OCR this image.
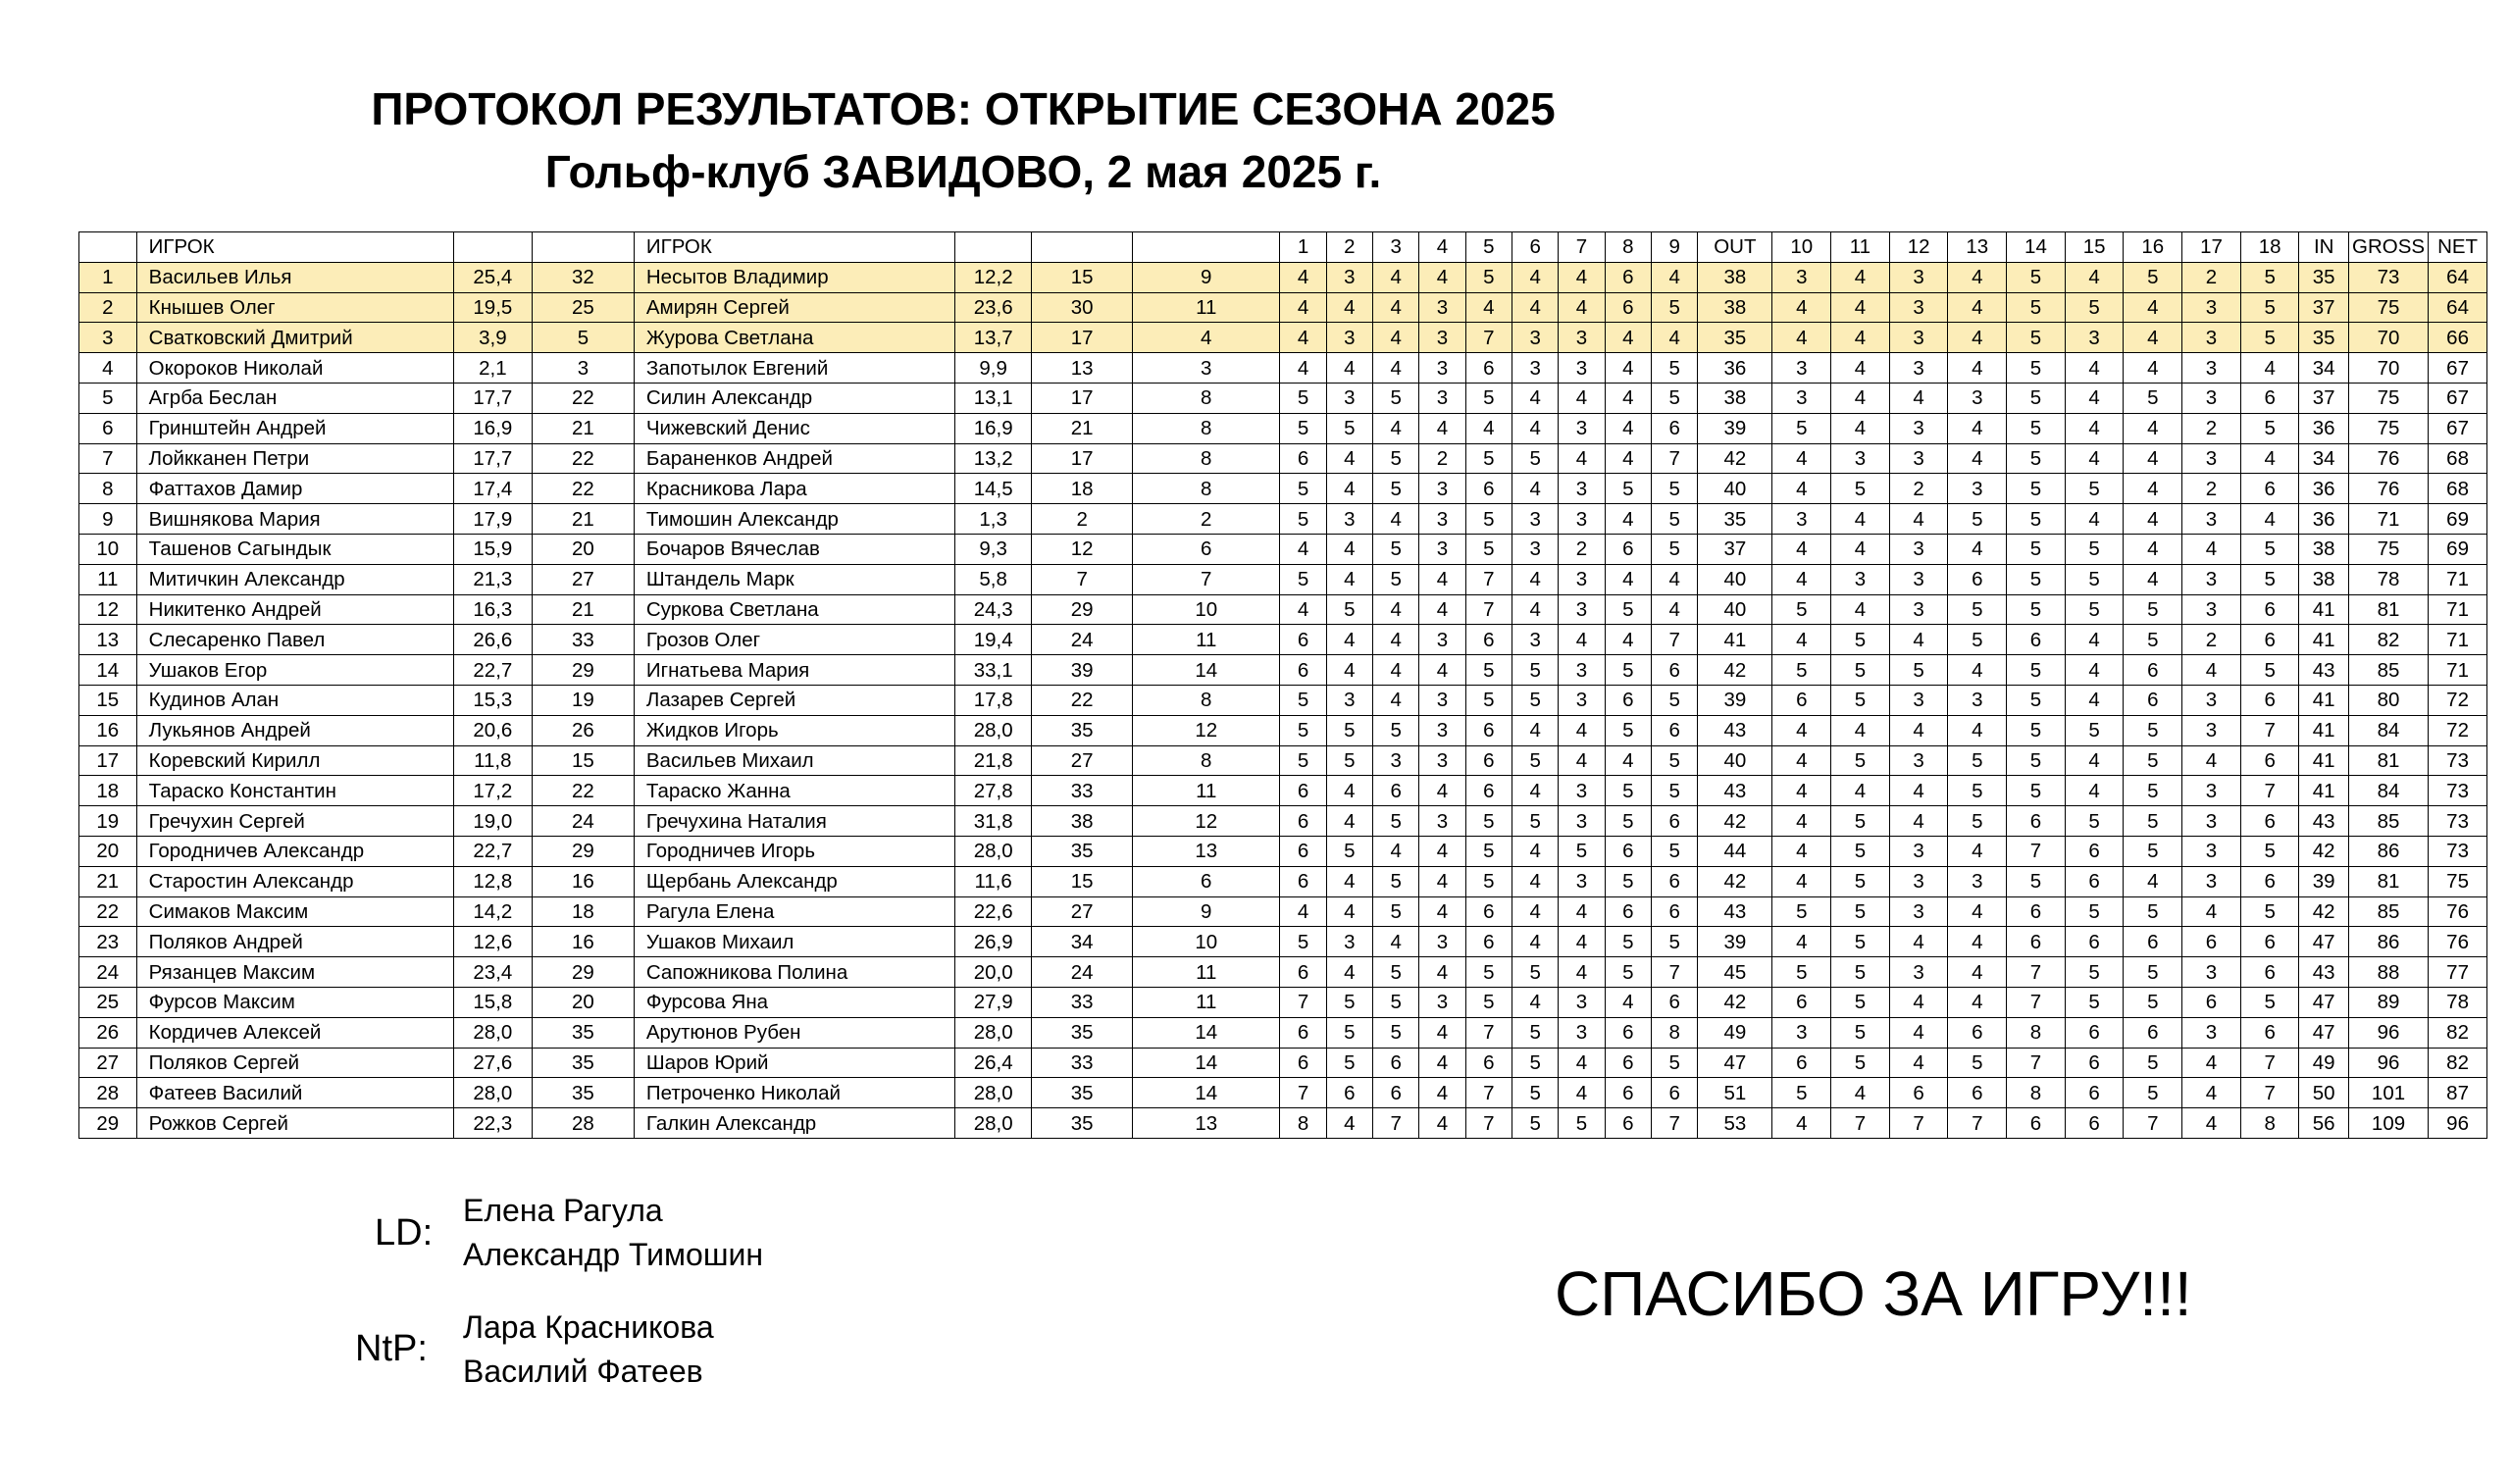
ПРОТОКОЛ РЕЗУЛЬТАТОВ: ОТКРЫТИЕ СЕЗОНА 2025
Гольф-клуб ЗАВИДОВО, 2 мая 2025 г.
	ИГРОК			ИГРОК				1	2	3	4	5	6	7	8	9	OUT	10	11	12	13	14	15	16	17	18	IN	GROSS	NET
1	Васильев Илья	25,4	32	Несытов Владимир	12,2	15	9	4	3	4	4	5	4	4	6	4	38	3	4	3	4	5	4	5	2	5	35	73	64
2	Кнышев Олег	19,5	25	Амирян Сергей	23,6	30	11	4	4	4	3	4	4	4	6	5	38	4	4	3	4	5	5	4	3	5	37	75	64
3	Сватковский Дмитрий	3,9	5	Журова Светлана	13,7	17	4	4	3	4	3	7	3	3	4	4	35	4	4	3	4	5	3	4	3	5	35	70	66
4	Окороков Николай	2,1	3	Запотылок Евгений	9,9	13	3	4	4	4	3	6	3	3	4	5	36	3	4	3	4	5	4	4	3	4	34	70	67
5	Агрба Беслан	17,7	22	Силин Александр	13,1	17	8	5	3	5	3	5	4	4	4	5	38	3	4	4	3	5	4	5	3	6	37	75	67
6	Гринштейн Андрей	16,9	21	Чижевский Денис	16,9	21	8	5	5	4	4	4	4	3	4	6	39	5	4	3	4	5	4	4	2	5	36	75	67
7	Лойкканен Петри	17,7	22	Бараненков Андрей	13,2	17	8	6	4	5	2	5	5	4	4	7	42	4	3	3	4	5	4	4	3	4	34	76	68
8	Фаттахов Дамир	17,4	22	Красникова Лара	14,5	18	8	5	4	5	3	6	4	3	5	5	40	4	5	2	3	5	5	4	2	6	36	76	68
9	Вишнякова Мария	17,9	21	Тимошин Александр	1,3	2	2	5	3	4	3	5	3	3	4	5	35	3	4	4	5	5	4	4	3	4	36	71	69
10	Ташенов Сагындык	15,9	20	Бочаров Вячеслав	9,3	12	6	4	4	5	3	5	3	2	6	5	37	4	4	3	4	5	5	4	4	5	38	75	69
11	Митичкин Александр	21,3	27	Штандель Марк	5,8	7	7	5	4	5	4	7	4	3	4	4	40	4	3	3	6	5	5	4	3	5	38	78	71
12	Никитенко Андрей	16,3	21	Суркова Светлана	24,3	29	10	4	5	4	4	7	4	3	5	4	40	5	4	3	5	5	5	5	3	6	41	81	71
13	Слесаренко Павел	26,6	33	Грозов Олег	19,4	24	11	6	4	4	3	6	3	4	4	7	41	4	5	4	5	6	4	5	2	6	41	82	71
14	Ушаков Егор	22,7	29	Игнатьева Мария	33,1	39	14	6	4	4	4	5	5	3	5	6	42	5	5	5	4	5	4	6	4	5	43	85	71
15	Кудинов Алан	15,3	19	Лазарев Сергей	17,8	22	8	5	3	4	3	5	5	3	6	5	39	6	5	3	3	5	4	6	3	6	41	80	72
16	Лукьянов Андрей	20,6	26	Жидков Игорь	28,0	35	12	5	5	5	3	6	4	4	5	6	43	4	4	4	4	5	5	5	3	7	41	84	72
17	Коревский Кирилл	11,8	15	Васильев Михаил	21,8	27	8	5	5	3	3	6	5	4	4	5	40	4	5	3	5	5	4	5	4	6	41	81	73
18	Тараско Константин	17,2	22	Тараско Жанна	27,8	33	11	6	4	6	4	6	4	3	5	5	43	4	4	4	5	5	4	5	3	7	41	84	73
19	Гречухин Сергей	19,0	24	Гречухина Наталия	31,8	38	12	6	4	5	3	5	5	3	5	6	42	4	5	4	5	6	5	5	3	6	43	85	73
20	Городничев Александр	22,7	29	Городничев Игорь	28,0	35	13	6	5	4	4	5	4	5	6	5	44	4	5	3	4	7	6	5	3	5	42	86	73
21	Старостин Александр	12,8	16	Щербань Александр	11,6	15	6	6	4	5	4	5	4	3	5	6	42	4	5	3	3	5	6	4	3	6	39	81	75
22	Симаков Максим	14,2	18	Рагула Елена	22,6	27	9	4	4	5	4	6	4	4	6	6	43	5	5	3	4	6	5	5	4	5	42	85	76
23	Поляков Андрей	12,6	16	Ушаков Михаил	26,9	34	10	5	3	4	3	6	4	4	5	5	39	4	5	4	4	6	6	6	6	6	47	86	76
24	Рязанцев Максим	23,4	29	Сапожникова Полина	20,0	24	11	6	4	5	4	5	5	4	5	7	45	5	5	3	4	7	5	5	3	6	43	88	77
25	Фурсов Максим	15,8	20	Фурсова Яна	27,9	33	11	7	5	5	3	5	4	3	4	6	42	6	5	4	4	7	5	5	6	5	47	89	78
26	Кордичев Алексей	28,0	35	Арутюнов Рубен	28,0	35	14	6	5	5	4	7	5	3	6	8	49	3	5	4	6	8	6	6	3	6	47	96	82
27	Поляков Сергей	27,6	35	Шаров Юрий	26,4	33	14	6	5	6	4	6	5	4	6	5	47	6	5	4	5	7	6	5	4	7	49	96	82
28	Фатеев Василий	28,0	35	Петроченко Николай	28,0	35	14	7	6	6	4	7	5	4	6	6	51	5	4	6	6	8	6	5	4	7	50	101	87
29	Рожков Сергей	22,3	28	Галкин Александр	28,0	35	13	8	4	7	4	7	5	5	6	7	53	4	7	7	7	6	6	7	4	8	56	109	96
LD:
Елена Рагула
Александр Тимошин
NtP:
Лара Красникова
Василий Фатеев
СПАСИБО ЗА ИГРУ!!!
